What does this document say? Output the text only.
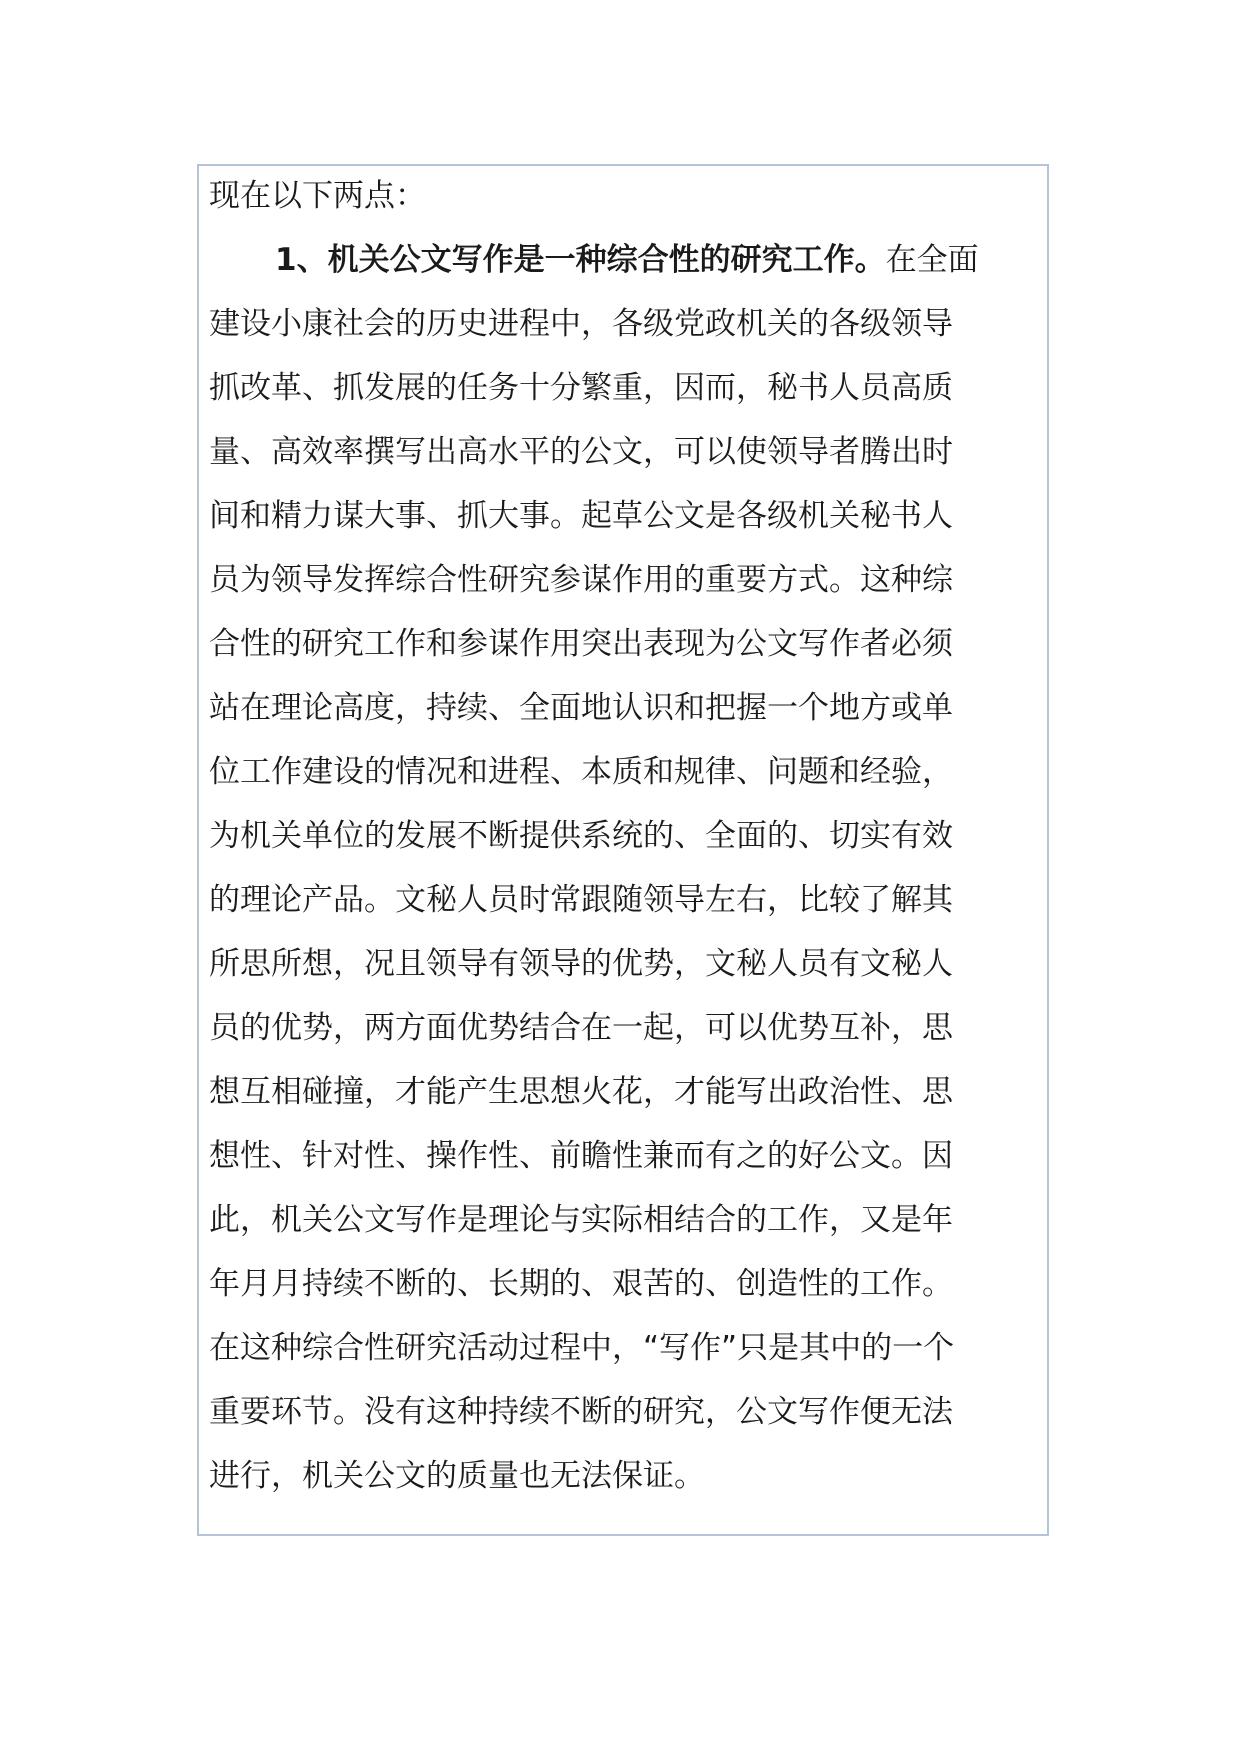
现在以下两点：
1、机关公文写作是一种综合性的研究工作。在全面
建设小康社会的历史进程中，各级党政机关的各级领导
抓改革、抓发展的任务十分繁重，因而，秘书人员高质
量、高效率撰写出高水平的公文，可以使领导者腾出时
间和精力谋大事、抓大事。起草公文是各级机关秘书人
员为领导发挥综合性研究参谋作用的重要方式。这种综
合性的研究工作和参谋作用突出表现为公文写作者必须
站在理论高度，持续、全面地认识和把握一个地方或单
位工作建设的情况和进程、本质和规律、问题和经验，
为机关单位的发展不断提供系统的、全面的、切实有效
的理论产品。文秘人员时常跟随领导左右，比较了解其
所思所想，况且领导有领导的优势，文秘人员有文秘人
员的优势，两方面优势结合在一起，可以优势互补，思
想互相碰撞，才能产生思想火花，才能写出政治性、思
想性、针对性、操作性、前瞻性兼而有之的好公文。因
此，机关公文写作是理论与实际相结合的工作，又是年
年月月持续不断的、长期的、艰苦的、创造性的工作。
在这种综合性研究活动过程中，“写作”只是其中的一个
重要环节。没有这种持续不断的研究，公文写作便无法
进行，机关公文的质量也无法保证。
